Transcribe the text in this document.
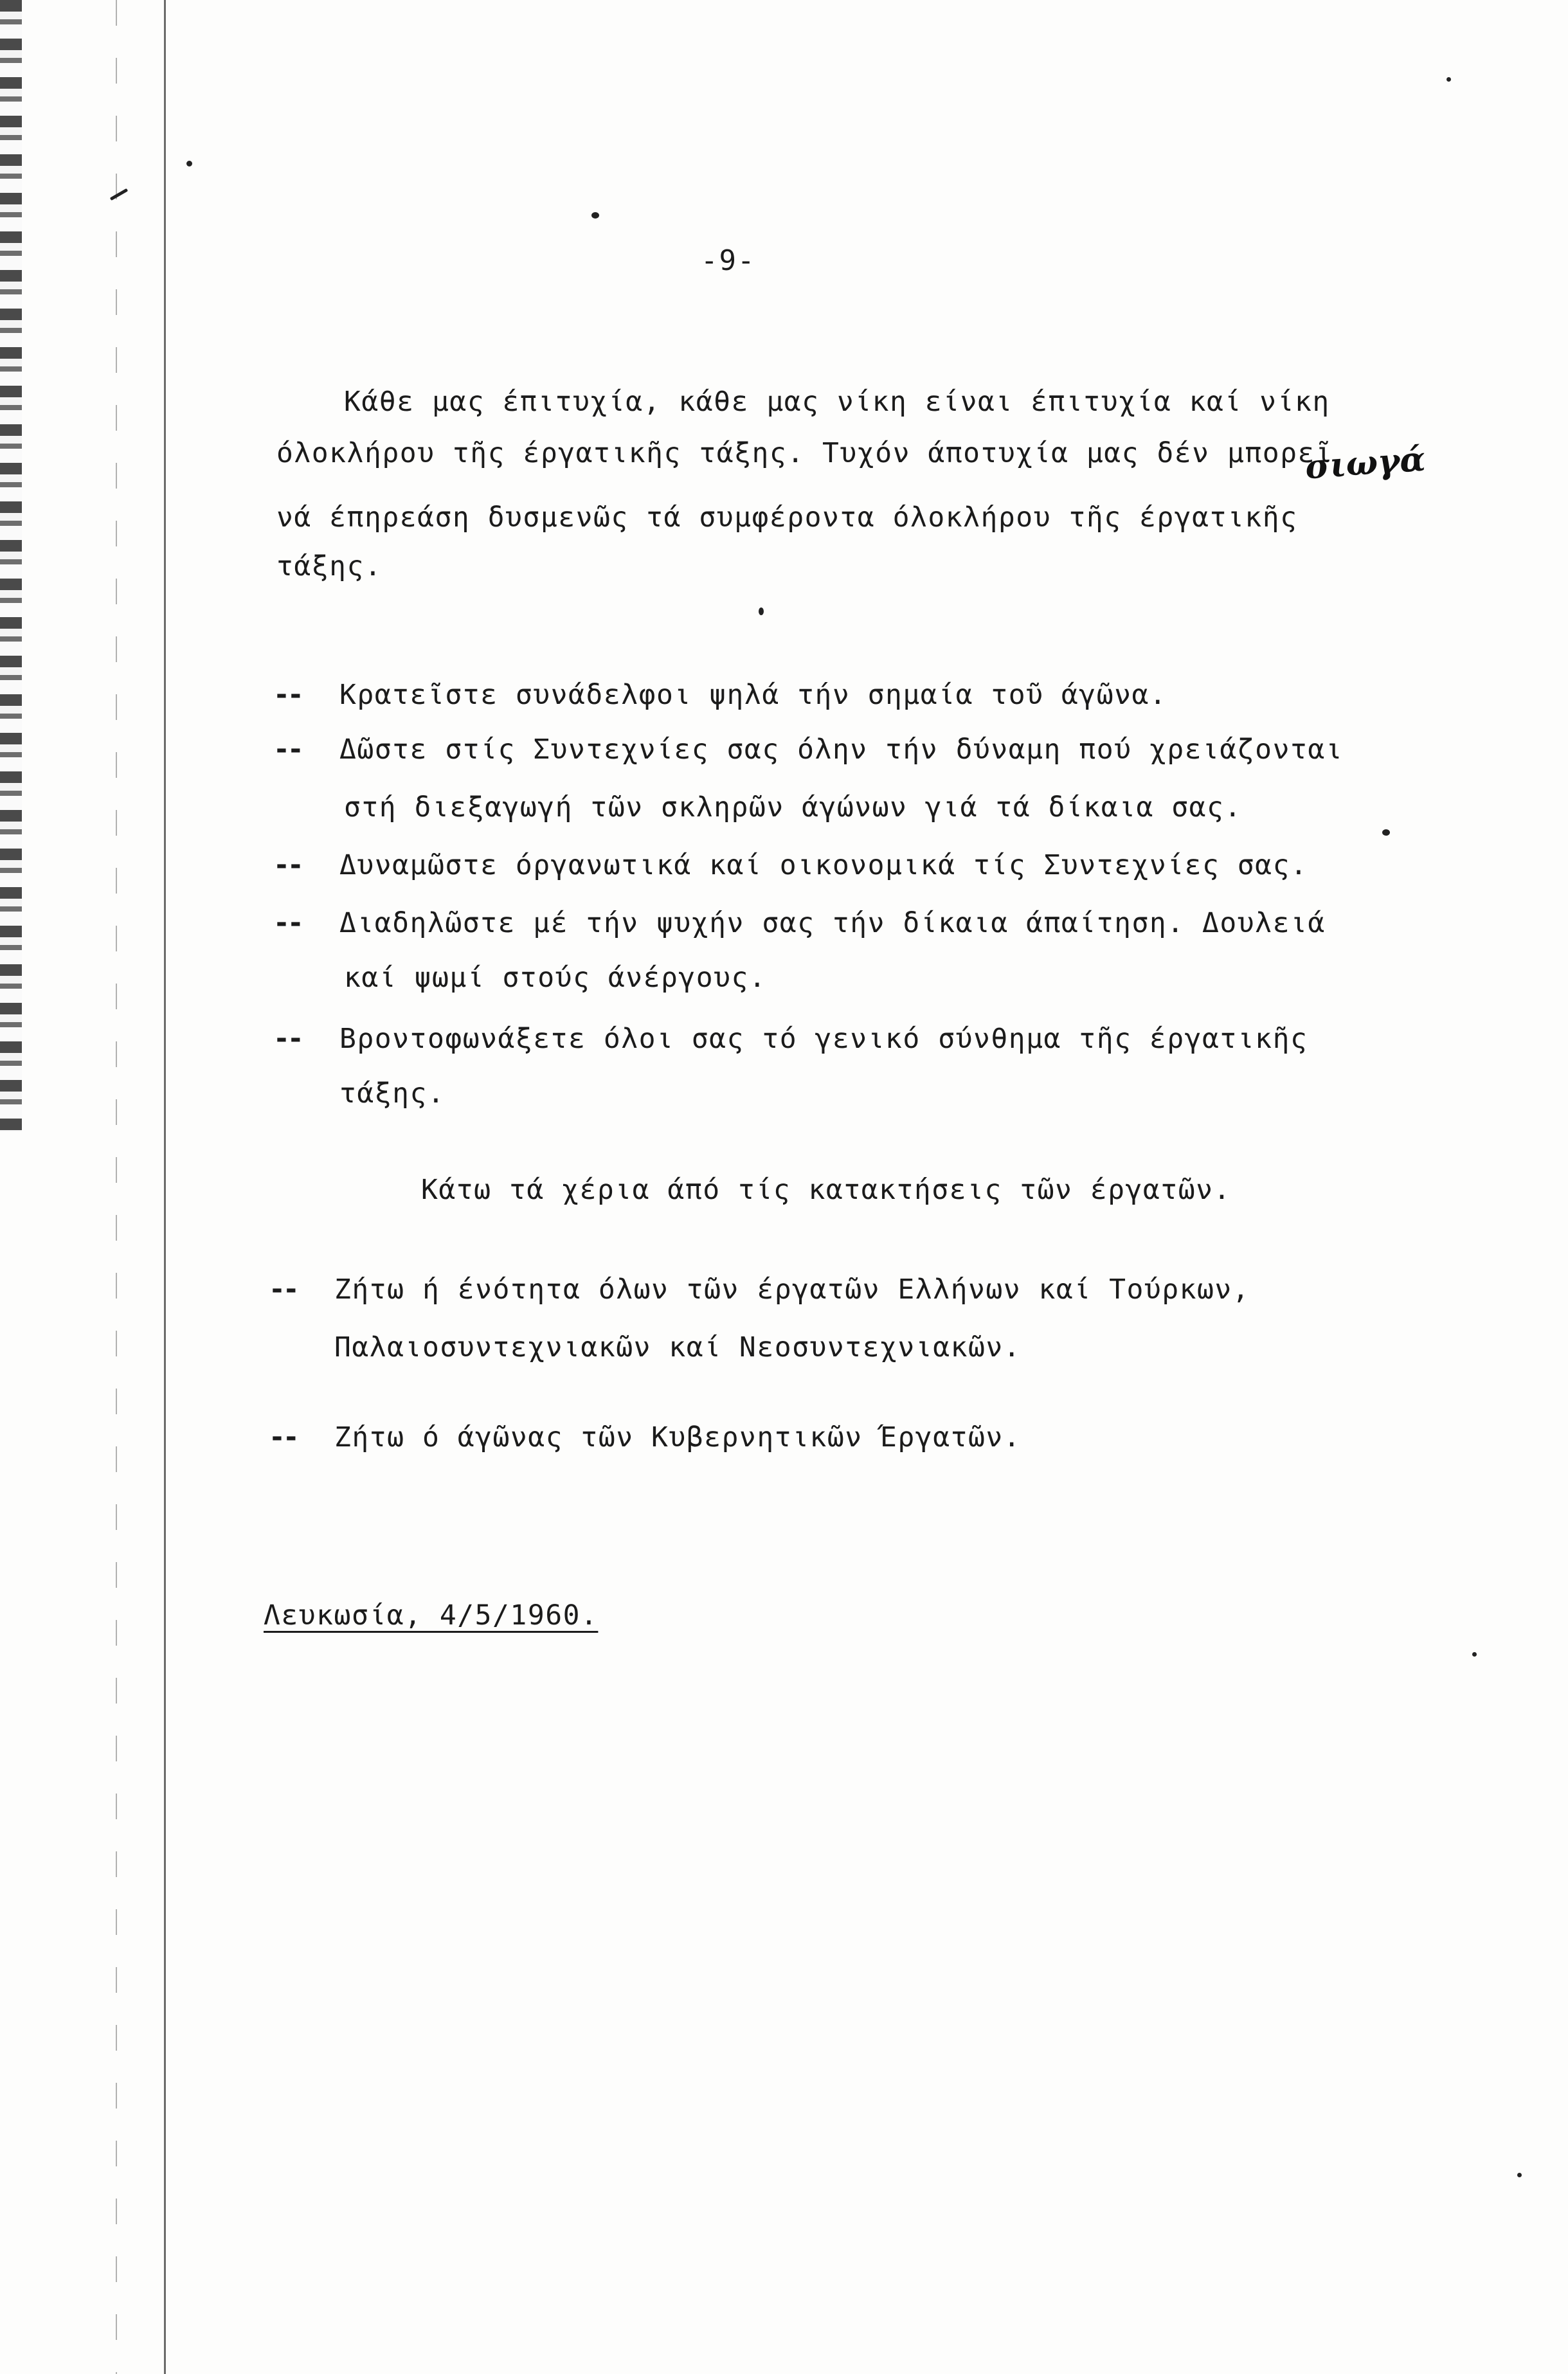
-9-
Κάθε μας έπιτυχία, κάθε μας νίκη είναι έπιτυχία καί νίκη
όλοκλήρου τῆς έργατικῆς τάξης. Τυχόν άποτυχία μας δέν μπορεῖ
νά έπηρεάση δυσμενῶς τά συμφέροντα όλοκλήρου τῆς έργατικῆς
τάξης.
σιωγά
-- Κρατεῖστε συνάδελφοι ψηλά τήν σημαία τοῦ άγῶνα.
-- Δῶστε στίς Συντεχνίες σας όλην τήν δύναμη πού χρειάζονται
στή διεξαγωγή τῶν σκληρῶν άγώνων γιά τά δίκαια σας.
-- Δυναμῶστε όργανωτικά καί οικονομικά τίς Συντεχνίες σας.
-- Διαδηλῶστε μέ τήν ψυχήν σας τήν δίκαια άπαίτηση. Δουλειά
καί ψωμί στούς άνέργους.
-- Βροντοφωνάξετε όλοι σας τό γενικό σύνθημα τῆς έργατικῆς
τάξης.
Κάτω τά χέρια άπό τίς κατακτήσεις τῶν έργατῶν.
-- Ζήτω ή ένότητα όλων τῶν έργατῶν Ελλήνων καί Τούρκων,
Παλαιοσυντεχνιακῶν καί Νεοσυντεχνιακῶν.
-- Ζήτω ό άγῶνας τῶν Κυβερνητικῶν Έργατῶν.
Λευκωσία, 4/5/1960.
